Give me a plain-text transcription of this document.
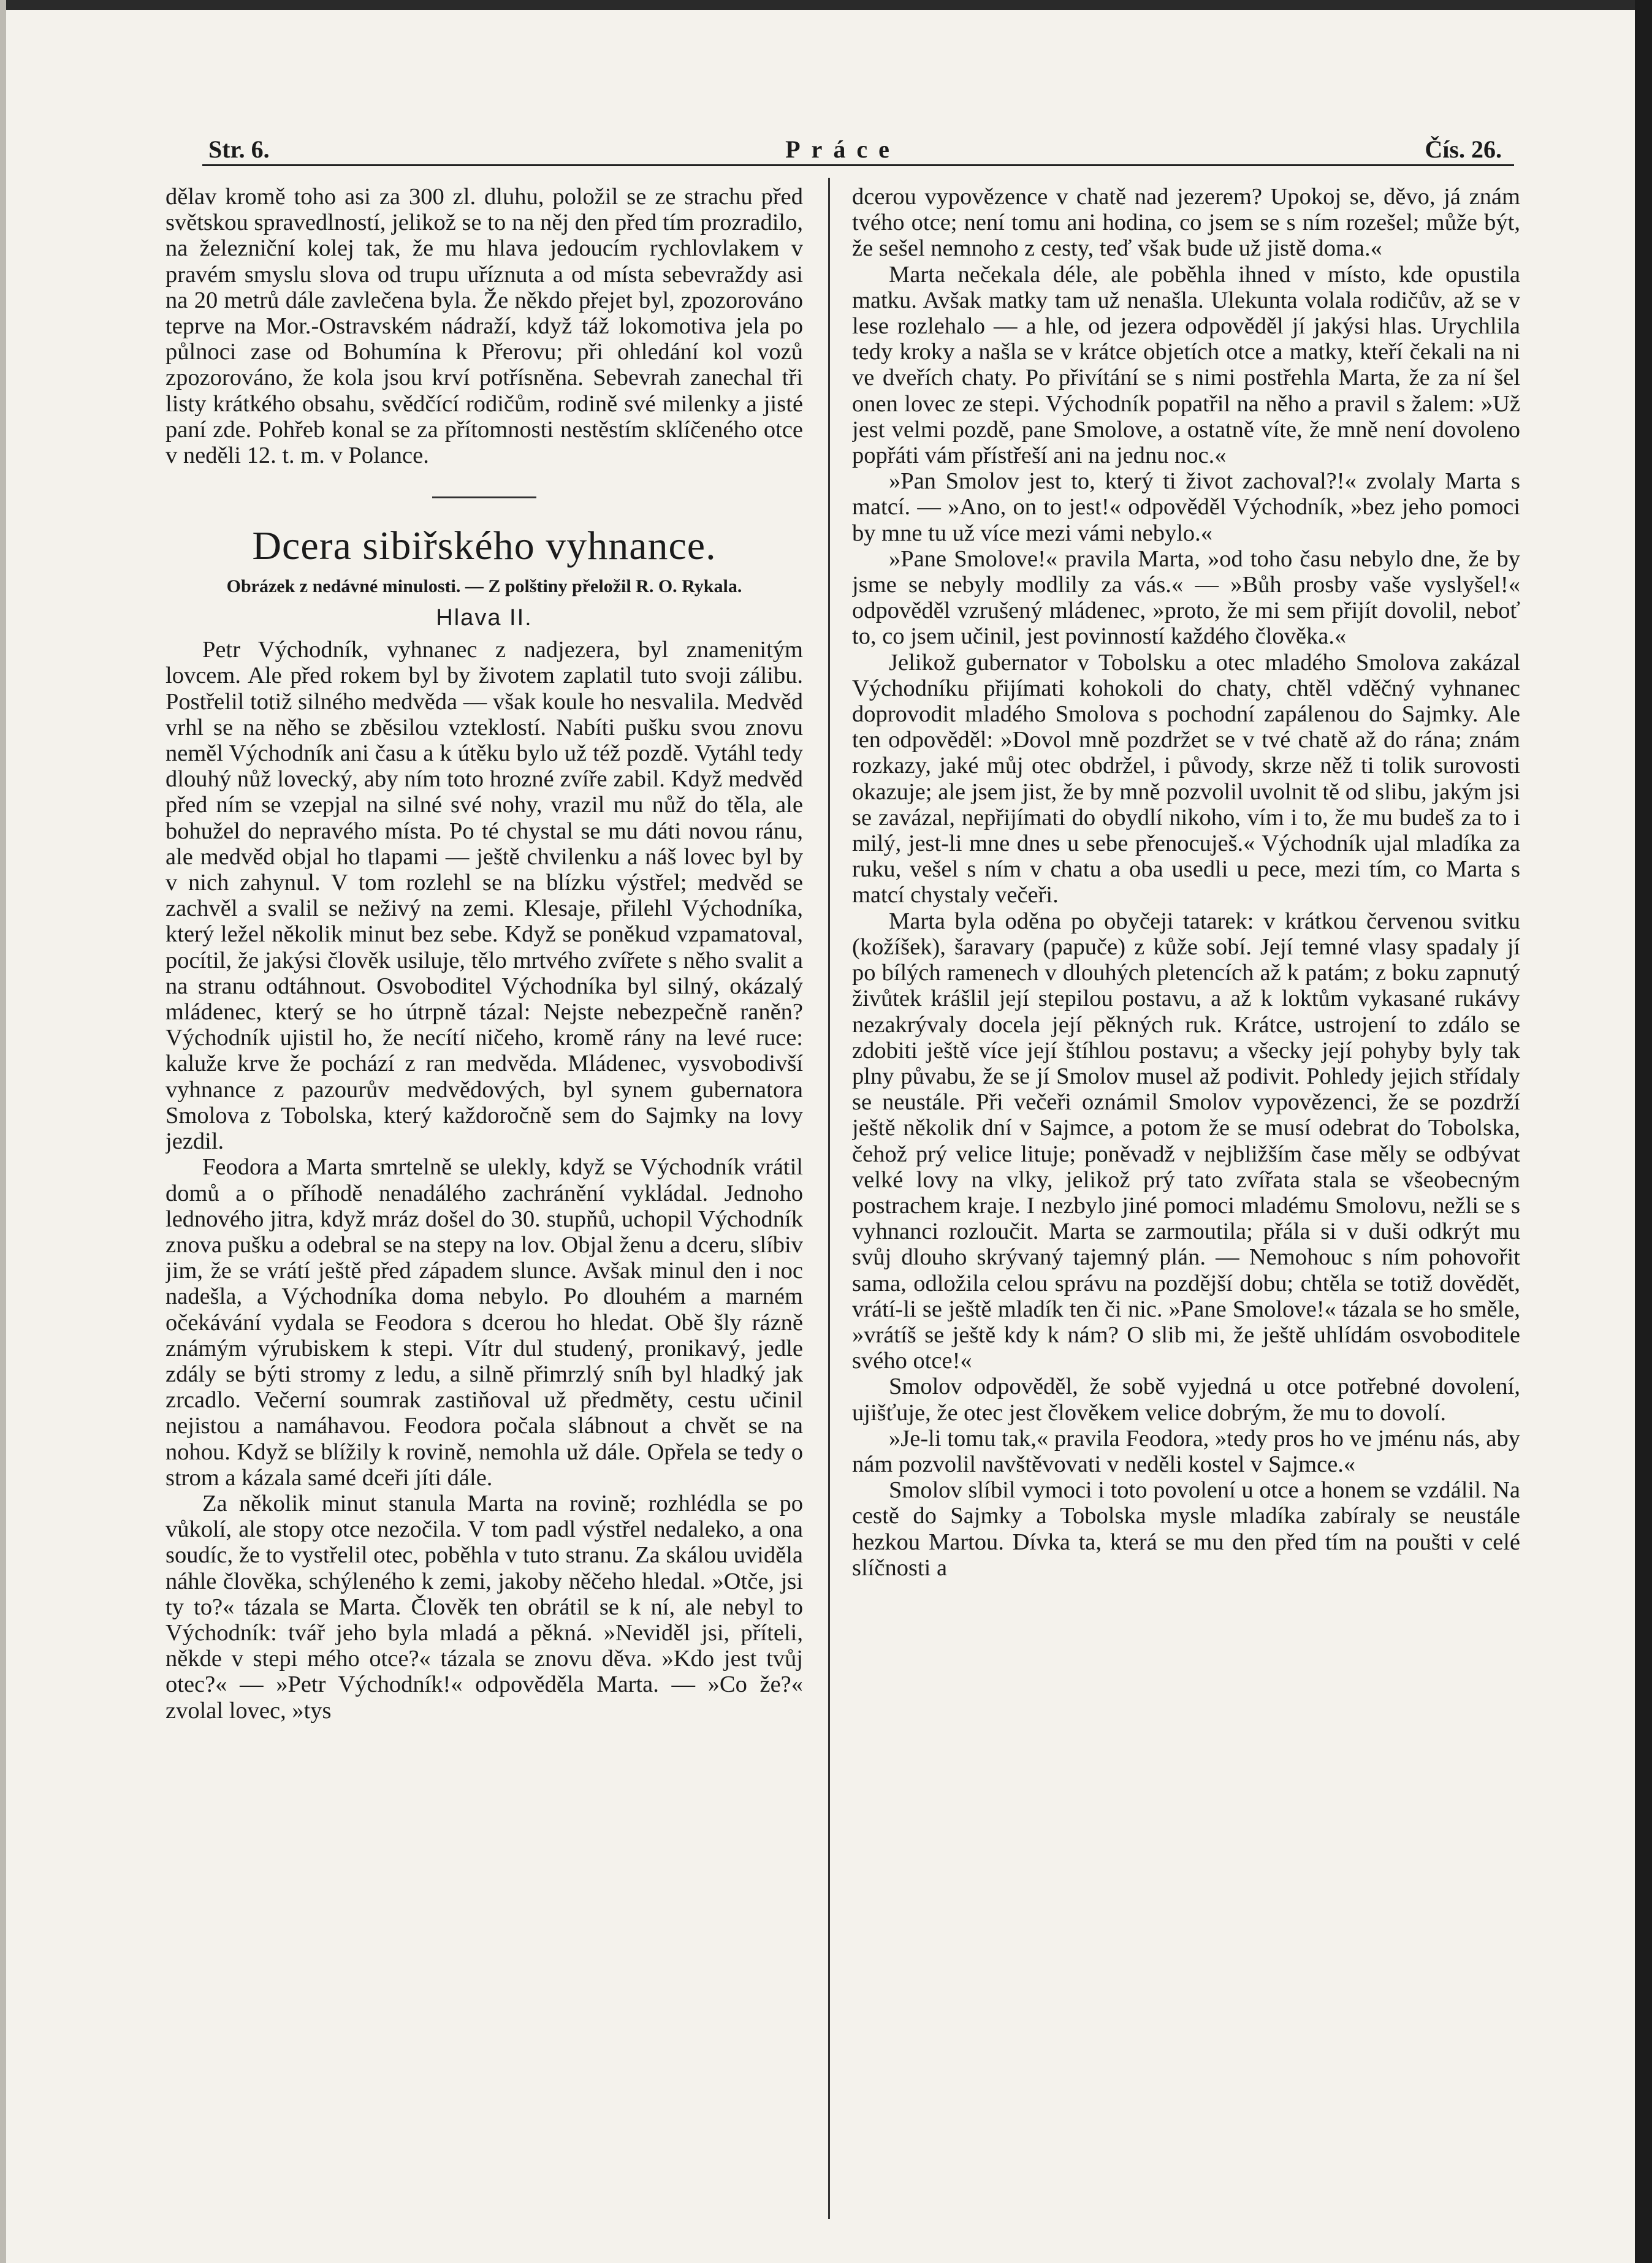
Str. 6.	Práce	Čís. 26.

dělav kromě toho asi za 300 zl. dluhu, položil se ze strachu před světskou spravedlností, jelikož se to na něj den před tím prozradilo, na železniční kolej tak, že mu hlava jedoucím rychlovlakem v pravém smyslu slova od trupu uříznuta a od místa sebevraždy asi na 20 metrů dále zavlečena byla. Že někdo přejet byl, zpozorováno teprve na Mor.-Ostravském nádraží, když táž lokomotiva jela po půlnoci zase od Bohumína k Přerovu; při ohledání kol vozů zpozorováno, že kola jsou krví potřísněna. Sebevrah zanechal tři listy krátkého obsahu, svědčící rodičům, rodině své milenky a jisté paní zde. Pohřeb konal se za přítomnosti nestěstím sklíčeného otce v neděli 12. t. m. v Polance.

Dcera sibiřského vyhnance.
Obrázek z nedávné minulosti. — Z polštiny přeložil R. O. Rykala.
Hlava II.

Petr Východník, vyhnanec z nadjezera, byl znamenitým lovcem. Ale před rokem byl by životem zaplatil tuto svoji zálibu. Postřelil totiž silného medvěda — však koule ho nesvalila. Medvěd vrhl se na něho se zběsilou vzteklostí. Nabíti pušku svou znovu neměl Východník ani času a k útěku bylo už též pozdě. Vytáhl tedy dlouhý nůž lovecký, aby ním toto hrozné zvíře zabil. Když medvěd před ním se vzepjal na silné své nohy, vrazil mu nůž do těla, ale bohužel do nepravého místa. Po té chystal se mu dáti novou ránu, ale medvěd objal ho tlapami — ještě chvilenku a náš lovec byl by v nich zahynul. V tom rozlehl se na blízku výstřel; medvěd se zachvěl a svalil se neživý na zemi. Klesaje, přilehl Východníka, který ležel několik minut bez sebe. Když se poněkud vzpamatoval, pocítil, že jakýsi člověk usiluje, tělo mrtvého zvířete s něho svalit a na stranu odtáhnout. Osvoboditel Východníka byl silný, okázalý mládenec, který se ho útrpně tázal: Nejste nebezpečně raněn? Východník ujistil ho, že necítí ničeho, kromě rány na levé ruce: kaluže krve že pochází z ran medvěda. Mládenec, vysvobodivší vyhnance z pazourův medvědových, byl synem gubernatora Smolova z Tobolska, který každoročně sem do Sajmky na lovy jezdil.

Feodora a Marta smrtelně se ulekly, když se Východník vrátil domů a o příhodě nenadálého zachránění vykládal. Jednoho lednového jitra, když mráz došel do 30. stupňů, uchopil Východník znova pušku a odebral se na stepy na lov. Objal ženu a dceru, slíbiv jim, že se vrátí ještě před západem slunce. Avšak minul den i noc nadešla, a Východníka doma nebylo. Po dlouhém a marném očekávání vydala se Feodora s dcerou ho hledat. Obě šly rázně známým výrubiskem k stepi. Vítr dul studený, pronikavý, jedle zdály se býti stromy z ledu, a silně přimrzlý sníh byl hladký jak zrcadlo. Večerní soumrak zastiňoval už předměty, cestu učinil nejistou a namáhavou. Feodora počala slábnout a chvět se na nohou. Když se blížily k rovině, nemohla už dále. Opřela se tedy o strom a kázala samé dceři jíti dále.

Za několik minut stanula Marta na rovině; rozhlédla se po vůkolí, ale stopy otce nezočila. V tom padl výstřel nedaleko, a ona soudíc, že to vystřelil otec, poběhla v tuto stranu. Za skálou uviděla náhle člověka, schýleného k zemi, jakoby něčeho hledal. »Otče, jsi ty to?« tázala se Marta. Člověk ten obrátil se k ní, ale nebyl to Východník: tvář jeho byla mladá a pěkná. »Neviděl jsi, příteli, někde v stepi mého otce?« tázala se znovu děva. »Kdo jest tvůj otec?« — »Petr Východník!« odpověděla Marta. — »Co že?« zvolal lovec, »tys

dcerou vypovězence v chatě nad jezerem? Upokoj se, děvo, já znám tvého otce; není tomu ani hodina, co jsem se s ním rozešel; může být, že sešel nemnoho z cesty, teď však bude už jistě doma.«

Marta nečekala déle, ale poběhla ihned v místo, kde opustila matku. Avšak matky tam už nenašla. Ulekunta volala rodičův, až se v lese rozlehalo — a hle, od jezera odpověděl jí jakýsi hlas. Urychlila tedy kroky a našla se v krátce objetích otce a matky, kteří čekali na ni ve dveřích chaty. Po přivítání se s nimi postřehla Marta, že za ní šel onen lovec ze stepi. Východník popatřil na něho a pravil s žalem: »Už jest velmi pozdě, pane Smolove, a ostatně víte, že mně není dovoleno popřáti vám přístřeší ani na jednu noc.«

»Pan Smolov jest to, který ti život zachoval?!« zvolaly Marta s matcí. — »Ano, on to jest!« odpověděl Východník, »bez jeho pomoci by mne tu už více mezi vámi nebylo.«

»Pane Smolove!« pravila Marta, »od toho času nebylo dne, že by jsme se nebyly modlily za vás.« — »Bůh prosby vaše vyslyšel!« odpověděl vzrušený mládenec, »proto, že mi sem přijít dovolil, neboť to, co jsem učinil, jest povinností každého člověka.«

Jelikož gubernator v Tobolsku a otec mladého Smolova zakázal Východníku přijímati kohokoli do chaty, chtěl vděčný vyhnanec doprovodit mladého Smolova s pochodní zapálenou do Sajmky. Ale ten odpověděl: »Dovol mně pozdržet se v tvé chatě až do rána; znám rozkazy, jaké můj otec obdržel, i původy, skrze něž ti tolik surovosti okazuje; ale jsem jist, že by mně pozvolil uvolnit tě od slibu, jakým jsi se zavázal, nepřijímati do obydlí nikoho, vím i to, že mu budeš za to i milý, jest-li mne dnes u sebe přenocuješ.« Východník ujal mladíka za ruku, vešel s ním v chatu a oba usedli u pece, mezi tím, co Marta s matcí chystaly večeři.

Marta byla oděna po obyčeji tatarek: v krátkou červenou svitku (kožíšek), šaravary (papuče) z kůže sobí. Její temné vlasy spadaly jí po bílých ramenech v dlouhých pletencích až k patám; z boku zapnutý živůtek krášlil její stepilou postavu, a až k loktům vykasané rukávy nezakrývaly docela její pěkných ruk. Krátce, ustrojení to zdálo se zdobiti ještě více její štíhlou postavu; a všecky její pohyby byly tak plny půvabu, že se jí Smolov musel až podivit. Pohledy jejich střídaly se neustále. Při večeři oznámil Smolov vypovězenci, že se pozdrží ještě několik dní v Sajmce, a potom že se musí odebrat do Tobolska, čehož prý velice lituje; poněvadž v nejbližším čase měly se odbývat velké lovy na vlky, jelikož prý tato zvířata stala se všeobecným postrachem kraje. I nezbylo jiné pomoci mladému Smolovu, nežli se s vyhnanci rozloučit. Marta se zarmoutila; přála si v duši odkrýt mu svůj dlouho skrývaný tajemný plán. — Nemohouc s ním pohovořit sama, odložila celou správu na pozdější dobu; chtěla se totiž dovědět, vrátí-li se ještě mladík ten či nic. »Pane Smolove!« tázala se ho směle, »vrátíš se ještě kdy k nám? O slib mi, že ještě uhlídám osvoboditele svého otce!«

Smolov odpověděl, že sobě vyjedná u otce potřebné dovolení, ujišťuje, že otec jest člověkem velice dobrým, že mu to dovolí.

»Je-li tomu tak,« pravila Feodora, »tedy pros ho ve jménu nás, aby nám pozvolil navštěvovati v neděli kostel v Sajmce.«

Smolov slíbil vymoci i toto povolení u otce a honem se vzdálil. Na cestě do Sajmky a Tobolska mysle mladíka zabíraly se neustále hezkou Martou. Dívka ta, která se mu den před tím na poušti v celé slíčnosti a
